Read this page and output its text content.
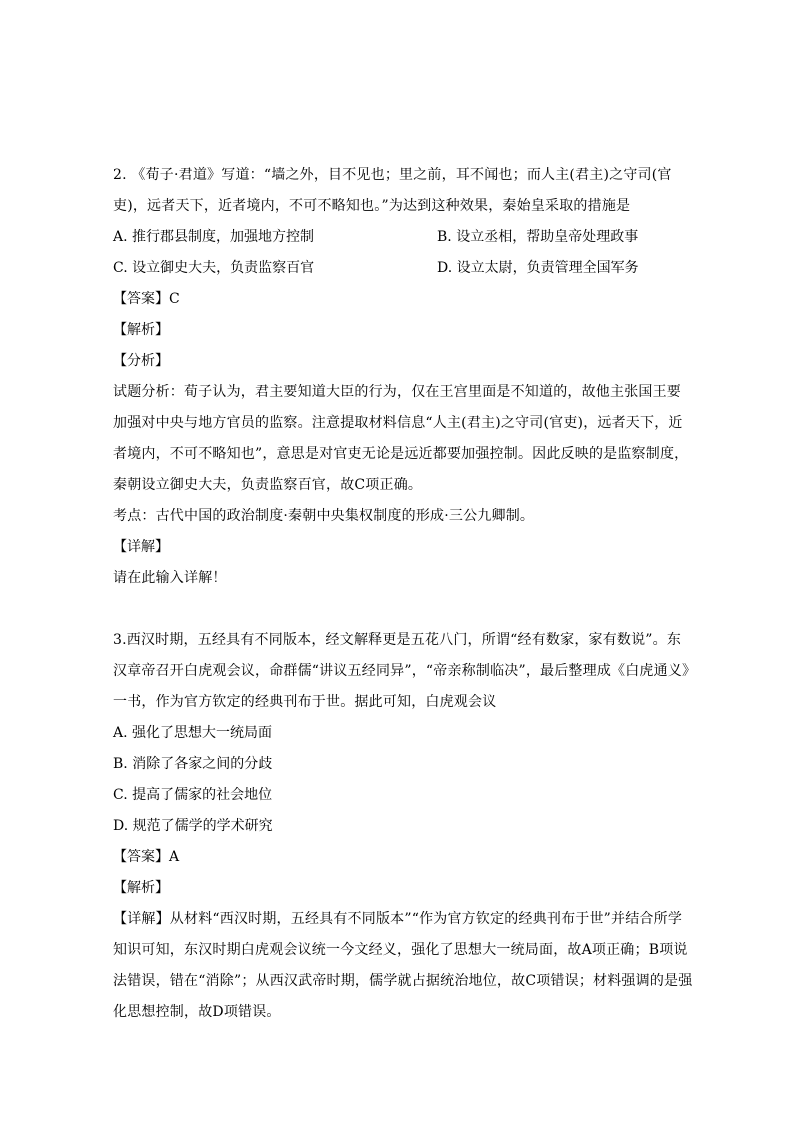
2. 《荀子·君道》写道：“墙之外，目不见也；里之前，耳不闻也；而人主(君主)之守司(官吏)，远者天下，近者境内，不可不略知也。”为达到这种效果，秦始皇采取的措施是

A. 推行郡县制度，加强地方控制	B. 设立丞相，帮助皇帝处理政事
C. 设立御史大夫，负责监察百官	D. 设立太尉，负责管理全国军务

【答案】C

【解析】

【分析】

试题分析：荀子认为，君主要知道大臣的行为，仅在王宫里面是不知道的，故他主张国王要加强对中央与地方官员的监察。注意提取材料信息“人主(君主)之守司(官吏)，远者天下，近者境内，不可不略知也”，意思是对官吏无论是远近都要加强控制。因此反映的是监察制度，秦朝设立御史大夫，负责监察百官，故C项正确。

考点：古代中国的政治制度·秦朝中央集权制度的形成·三公九卿制。

【详解】

请在此输入详解！

3.西汉时期，五经具有不同版本，经文解释更是五花八门，所谓“经有数家，家有数说”。东汉章帝召开白虎观会议，命群儒“讲议五经同异”，“帝亲称制临决”，最后整理成《白虎通义》一书，作为官方钦定的经典刊布于世。据此可知，白虎观会议

A. 强化了思想大一统局面

B. 消除了各家之间的分歧

C. 提高了儒家的社会地位

D. 规范了儒学的学术研究

【答案】A

【解析】

【详解】从材料“西汉时期，五经具有不同版本”“作为官方钦定的经典刊布于世”并结合所学知识可知，东汉时期白虎观会议统一今文经义，强化了思想大一统局面，故A项正确；B项说法错误，错在“消除”；从西汉武帝时期，儒学就占据统治地位，故C项错误；材料强调的是强化思想控制，故D项错误。
